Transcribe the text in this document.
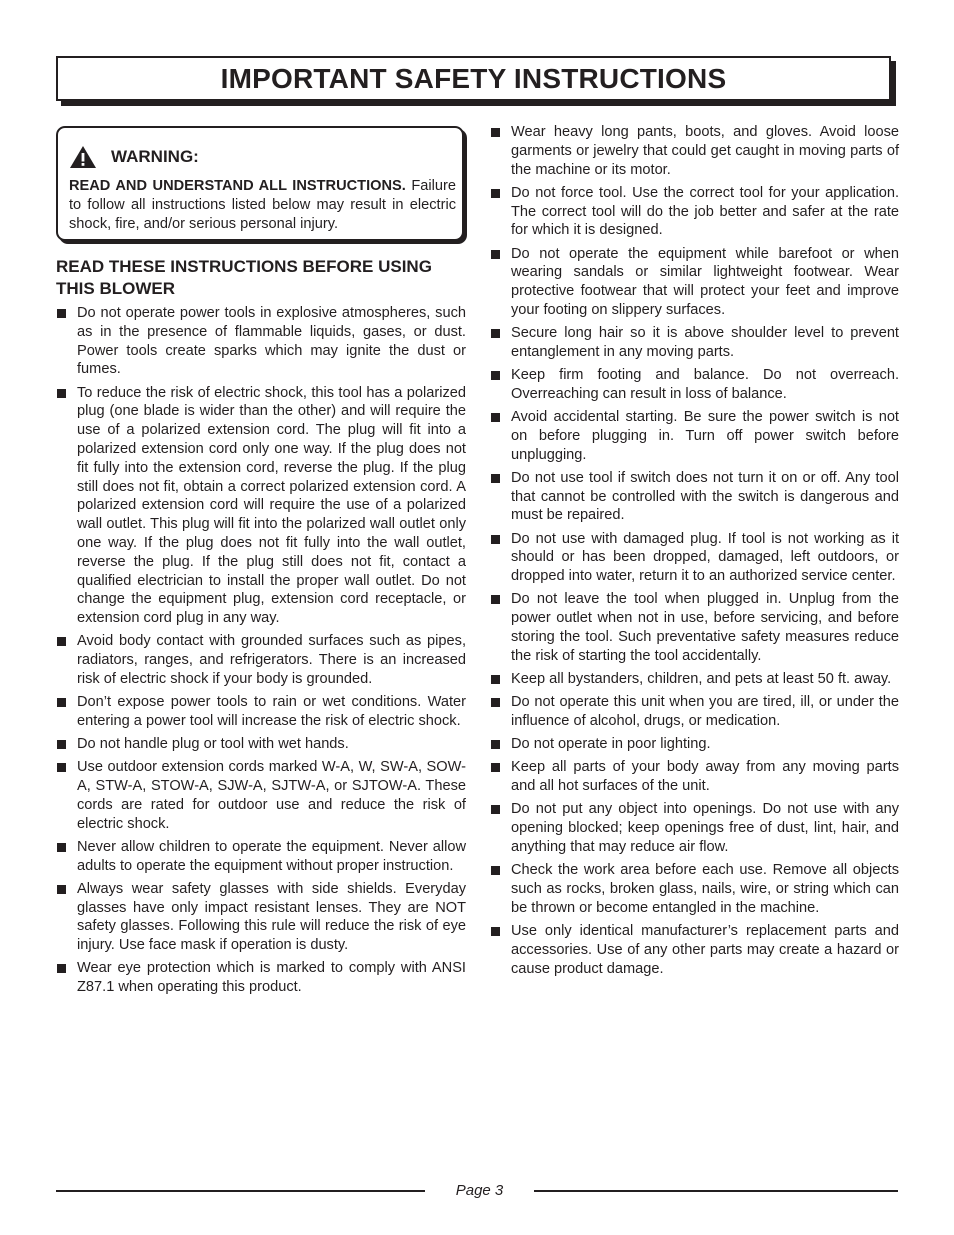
IMPORTANT SAFETY INSTRUCTIONS
WARNING:
READ AND UNDERSTAND ALL INSTRUCTIONS. Failure to follow all instructions listed below may result in electric shock, fire, and/or serious personal injury.
READ THESE INSTRUCTIONS BEFORE USING THIS BLOWER
Do not operate power tools in explosive atmospheres, such as in the presence of flammable liquids, gases, or dust. Power tools create sparks which may ignite the dust or fumes.
To reduce the risk of electric shock, this tool has a polarized plug (one blade is wider than the other) and will require the use of a polarized extension cord. The plug will fit into a polarized extension cord only one way. If the plug does not fit fully into the extension cord, reverse the plug. If the plug still does not fit, obtain a correct polarized extension cord. A polarized extension cord will require the use of a polarized wall outlet. This plug will fit into the polarized wall outlet only one way. If the plug does not fit fully into the wall outlet, reverse the plug. If the plug still does not fit, contact a qualified electrician to install the proper wall outlet. Do not change the equipment plug, extension cord receptacle, or extension cord plug in any way.
Avoid body contact with grounded surfaces such as pipes, radiators, ranges, and refrigerators. There is an increased risk of electric shock if your body is grounded.
Don’t expose power tools to rain or wet conditions. Water entering a power tool will increase the risk of electric shock.
Do not handle plug or tool with wet hands.
Use outdoor extension cords marked W-A, W, SW-A, SOW-A, STW-A, STOW-A, SJW-A, SJTW-A, or SJTOW-A. These cords are rated for outdoor use and reduce the risk of electric shock.
Never allow children to operate the equipment. Never allow adults to operate the equipment without proper instruction.
Always wear safety glasses with side shields. Everyday glasses have only impact resistant lenses. They are NOT safety glasses. Following this rule will reduce the risk of eye injury. Use face mask if operation is dusty.
Wear eye protection which is marked to comply with ANSI Z87.1 when operating this product.
Wear heavy long pants, boots, and gloves. Avoid loose garments or jewelry that could get caught in moving parts of the machine or its motor.
Do not force tool. Use the correct tool for your application. The correct tool will do the job better and safer at the rate for which it is designed.
Do not operate the equipment while barefoot or when wearing sandals or similar lightweight footwear. Wear protective footwear that will protect your feet and improve your footing on slippery surfaces.
Secure long hair so it is above shoulder level to prevent entanglement in any moving parts.
Keep firm footing and balance. Do not overreach. Overreaching can result in loss of balance.
Avoid accidental starting. Be sure the power switch is not on before plugging in. Turn off power switch before unplugging.
Do not use tool if switch does not turn it on or off. Any tool that cannot be controlled with the switch is dangerous and must be repaired.
Do not use with damaged plug. If tool is not working as it should or has been dropped, damaged, left outdoors, or dropped into water, return it to an authorized service center.
Do not leave the tool when plugged in. Unplug from the power outlet when not in use, before servicing, and before storing the tool. Such preventative safety measures reduce the risk of starting the tool accidentally.
Keep all bystanders, children, and pets at least 50 ft. away.
Do not operate this unit when you are tired, ill, or under the influence of alcohol, drugs, or medication.
Do not operate in poor lighting.
Keep all parts of your body away from any moving parts and all hot surfaces of the unit.
Do not put any object into openings. Do not use with any opening blocked; keep openings free of dust, lint, hair, and anything that may reduce air flow.
Check the work area before each use. Remove all objects such as rocks, broken glass, nails, wire, or string which can be thrown or become entangled in the machine.
Use only identical manufacturer’s replacement parts and accessories. Use of any other parts may create a hazard or cause product damage.
Page 3
